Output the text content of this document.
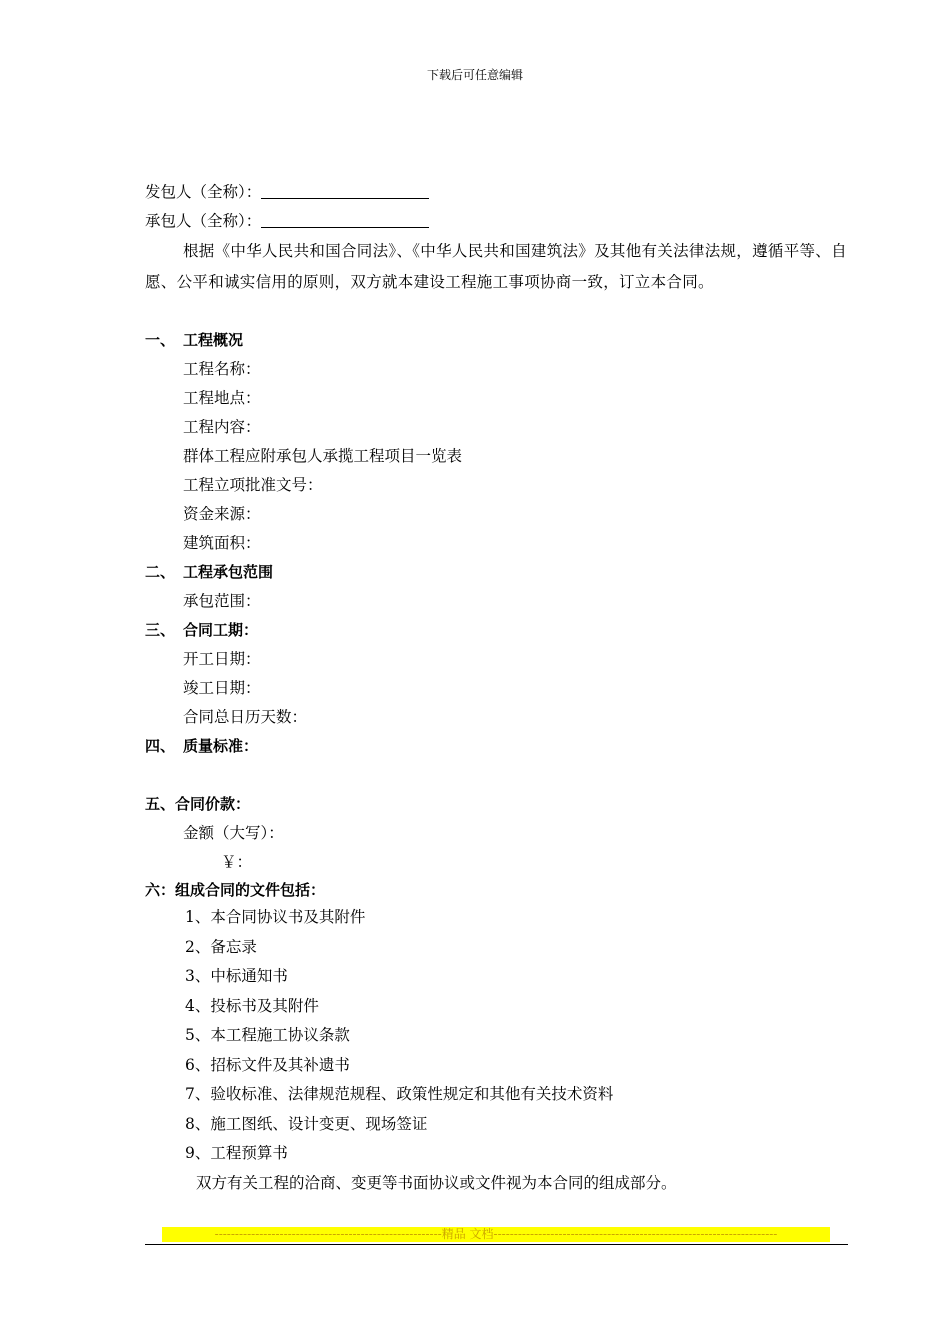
下载后可任意编辑
发包人（全称）：
承包人（全称）：

根据《中华人民共和国合同法》、《中华人民共和国建筑法》及其他有关法律法规，遵循平等、自愿、公平和诚实信用的原则，双方就本建设工程施工事项协商一致，订立本合同。

一、 工程概况
工程名称：
工程地点：
工程内容：
群体工程应附承包人承揽工程项目一览表
工程立项批准文号：
资金来源：
建筑面积：
二、 工程承包范围
承包范围：
三、 合同工期：
开工日期：
竣工日期：
合同总日历天数：
四、 质量标准：
五、合同价款：
金额（大写）：
￥：
六：组成合同的文件包括：
1、本合同协议书及其附件
2、备忘录
3、中标通知书
4、投标书及其附件
5、本工程施工协议条款
6、招标文件及其补遗书
7、验收标准、法律规范规程、政策性规定和其他有关技术资料
8、施工图纸、设计变更、现场签证
9、工程预算书
双方有关工程的洽商、变更等书面协议或文件视为本合同的组成部分。
--------------------------------------------------------精品 文档----------------------------------------------------------------------
